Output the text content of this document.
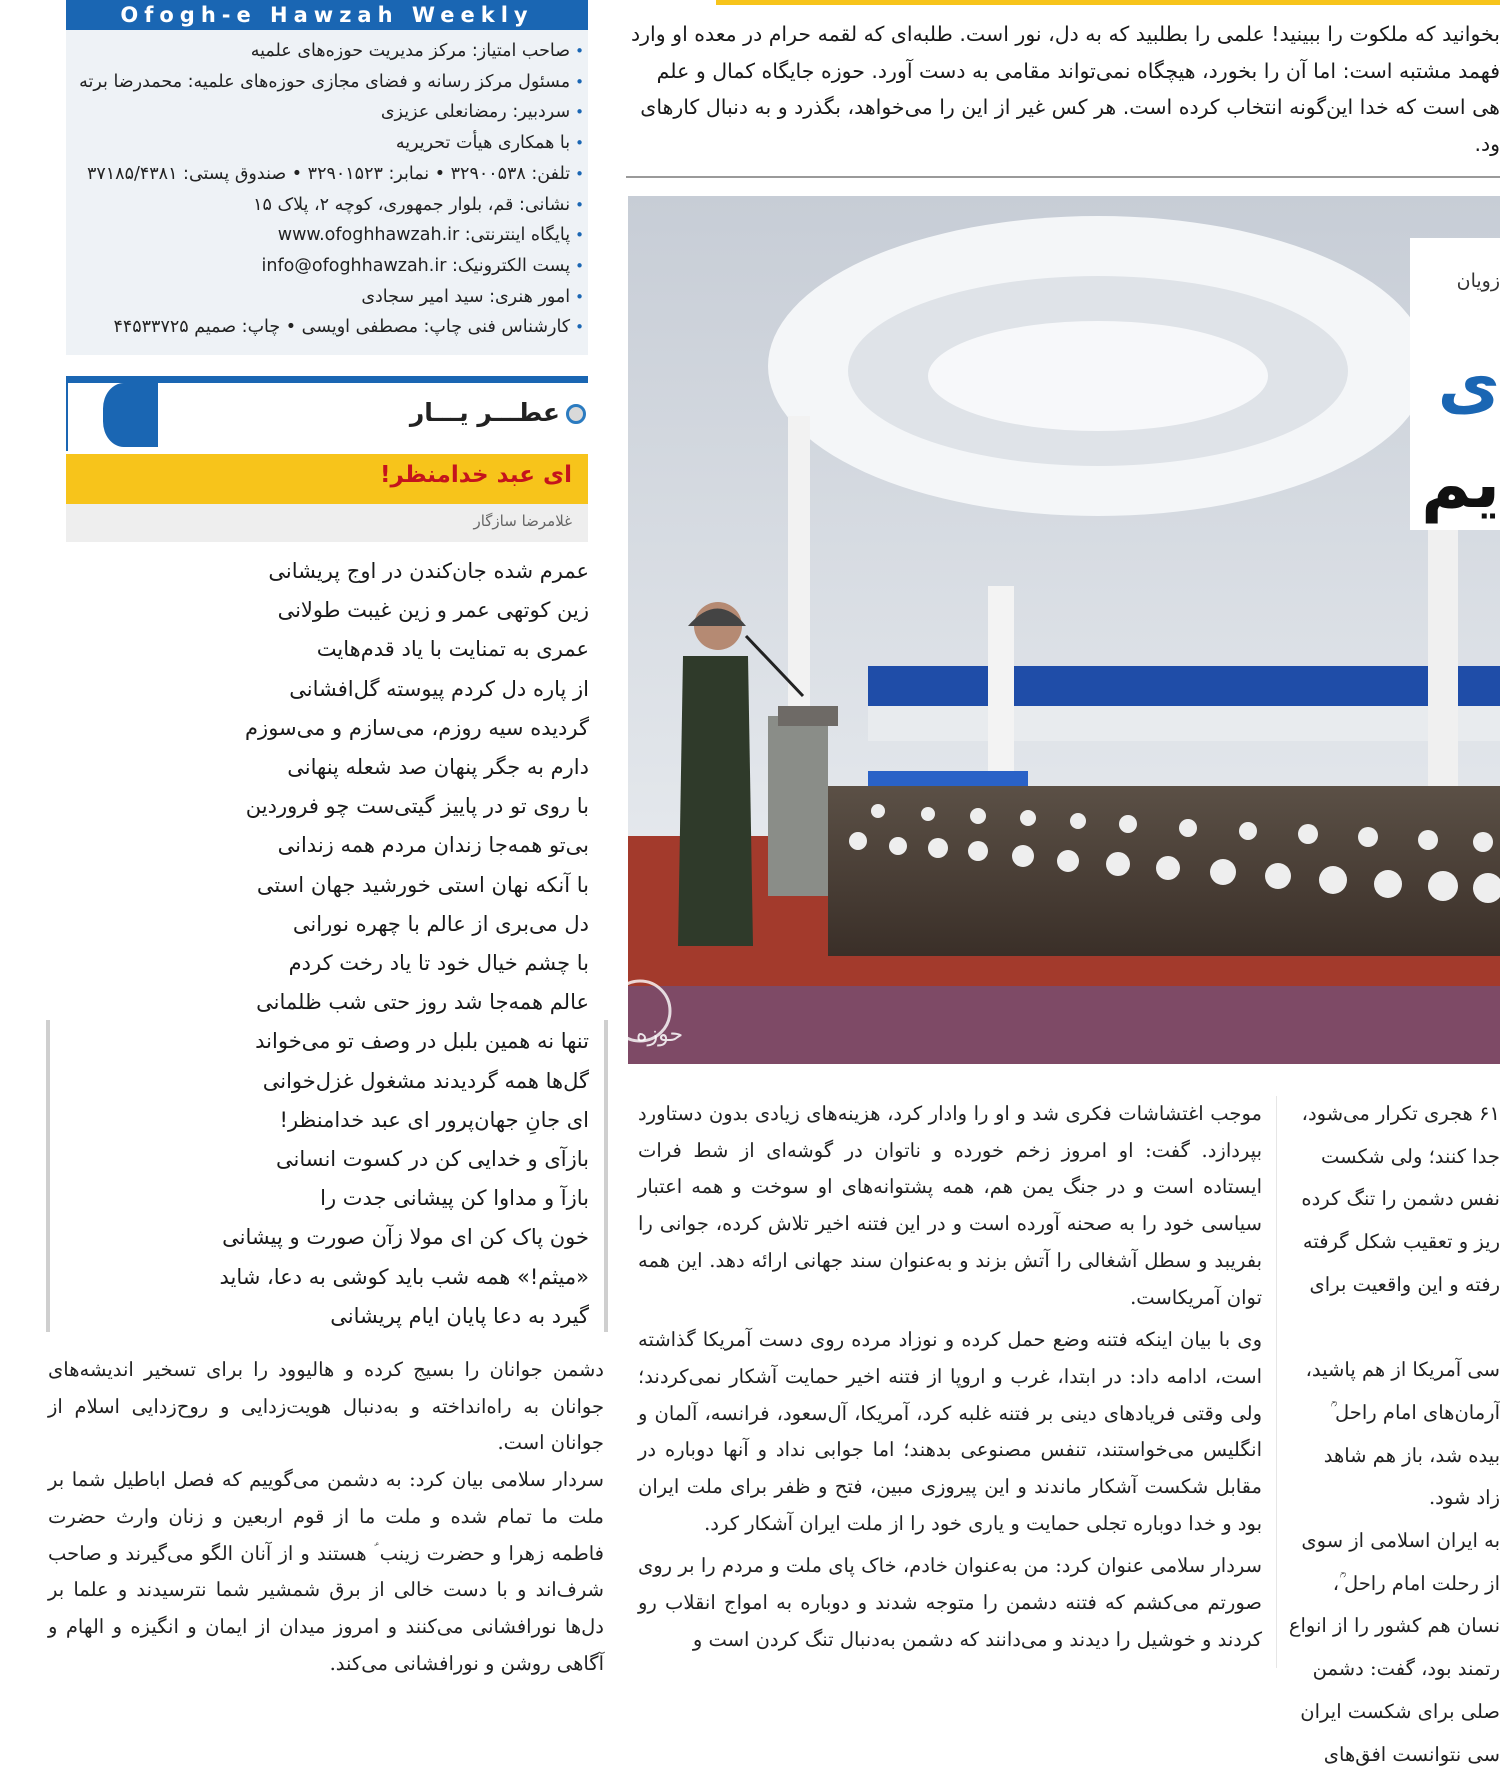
Ofogh-e Hawzah Weekly
•صاحب امتیاز: مرکز مدیریت حوزه‌های علمیه
•مسئول مرکز رسانه و فضای مجازی حوزه‌های علمیه: محمدرضا برته
•سردبیر: رمضانعلی عزیزی
•با همکاری هیأت تحریریه
•تلفن: ۳۲۹۰۰۵۳۸ • نمابر: ۳۲۹۰۱۵۲۳ • صندوق پستی: ۳۷۱۸۵/۴۳۸۱
•نشانی: قم، بلوار جمهوری، کوچه ۲، پلاک ۱۵
•پایگاه اینترنتی: www.ofoghhawzah.ir
•پست الکترونیک: info@ofoghhawzah.ir
•امور هنری: سید امیر سجادی
•کارشناس فنی چاپ: مصطفی اویسی • چاپ: صمیم ۴۴۵۳۳۷۲۵
عطـــر یـــار
ای عبد خدامنظر!
غلامرضا سازگار
عمرم شده جان‌کندن در اوج پریشانی
زین کوتهی عمر و زین غیبت طولانی
عمری به تمنایت با یاد قدم‌هایت
از پاره دل کردم پیوسته گل‌افشانی
گردیده سیه روزم، می‌سازم و می‌سوزم
دارم به جگر پنهان صد شعله پنهانی
با روی تو در پاییز گیتی‌ست چو فروردین
بی‌تو همه‌جا زندان مردم همه زندانی
با آنکه نهان استی خورشید جهان استی
دل می‌بری از عالم با چهره نورانی
با چشم خیال خود تا یاد رخت کردم
عالم همه‌جا شد روز حتی شب ظلمانی
تنها نه همین بلبل در وصف تو می‌خواند
گل‌ها همه گردیدند مشغول غزل‌خوانی
ای جانِ جهان‌پرور ای عبد خدامنظر!
بازآی و خدایی کن در کسوت انسانی
بازآ و مداوا کن پیشانی جدت را
خون پاک کن ای مولا زآن صورت و پیشانی
«میثم!» همه شب باید کوشی به دعا، شاید
گیرد به دعا پایان ایام پریشانی

دشمن جوانان را بسیج کرده و هالیوود را برای تسخیر اندیشه‌های جوانان به راه‌انداخته و به‌دنبال هویت‌زدایی و روح‌زدایی اسلام از جوانان است.

سردار سلامی بیان کرد: به دشمن می‌گوییم که فصل اباطیل شما بر ملت ما تمام شده و ملت ما از قوم اربعین و زنان وارث حضرت فاطمه زهرا و حضرت زینب ؑ هستند و از آنان الگو می‌گیرند و صاحب شرف‌اند و با دست خالی از برق شمشیر شما نترسیدند و علما بر دل‌ها نورافشانی می‌کنند و امروز میدان از ایمان و انگیزه و الهام و آگاهی روشن و نورافشانی می‌کند.

بخوانید که ملکوت را ببینید! علمی را بطلبید که به دل، نور است. طلبه‌ای که لقمه حرام در معده او وارد

فهمد مشتبه است: اما آن را بخورد، هیچگاه نمی‌تواند مقامی به دست آورد. حوزه جایگاه کمال و علم

هی است که خدا این‌گونه انتخاب کرده است. هر کس غیر از این را می‌خواهد، بگذرد و به دنبال کارهای

ود.

حوزه
زویان
ی
یم

موجب اغتشاشات فکری شد و او را وادار کرد، هزینه‌های زیادی بدون دستاورد بپردازد. گفت: او امروز زخم خورده و ناتوان در گوشه‌ای از شط فرات ایستاده است و در جنگ یمن هم، همه پشتوانه‌های او سوخت و همه اعتبار سیاسی خود را به صحنه آورده است و در این فتنه اخیر تلاش کرده، جوانی را بفریبد و سطل آشغالی را آتش بزند و به‌عنوان سند جهانی ارائه دهد. این همه توان آمریکاست.

وی با بیان اینکه فتنه وضع حمل کرده و نوزاد مرده روی دست آمریکا گذاشته است، ادامه داد: در ابتدا، غرب و اروپا از فتنه اخیر حمایت آشکار نمی‌کردند؛ ولی وقتی فریادهای دینی بر فتنه غلبه کرد، آمریکا، آل‌سعود، فرانسه، آلمان و انگلیس می‌خواستند، تنفس مصنوعی بدهند؛ اما جوابی نداد و آنها دوباره در مقابل شکست آشکار ماندند و این پیروزی مبین، فتح و ظفر برای ملت ایران بود و خدا دوباره تجلی حمایت و یاری خود را از ملت ایران آشکار کرد.

سردار سلامی عنوان کرد: من به‌عنوان خادم، خاک پای ملت و مردم را بر روی صورتم می‌کشم که فتنه دشمن را متوجه شدند و دوباره به امواج انقلاب رو کردند و خوشیل را دیدند و می‌دانند که دشمن به‌دنبال تنگ کردن است و

۶۱ هجری تکرار می‌شود،

جدا کنند؛ ولی شکست

نفس دشمن را تنگ کرده

ریز و تعقیب شکل گرفته

رفته و این واقعیت برای

سی آمریکا از هم پاشید،

آرمان‌های امام راحل ؒ

بیده شد، باز هم شاهد

زاد شود.

به ایران اسلامی از سوی

از رحلت امام راحل ؒ،

نسان هم کشور را از انواع

رتمند بود، گفت: دشمن

صلی برای شکست ایران

سی نتوانست افق‌های
